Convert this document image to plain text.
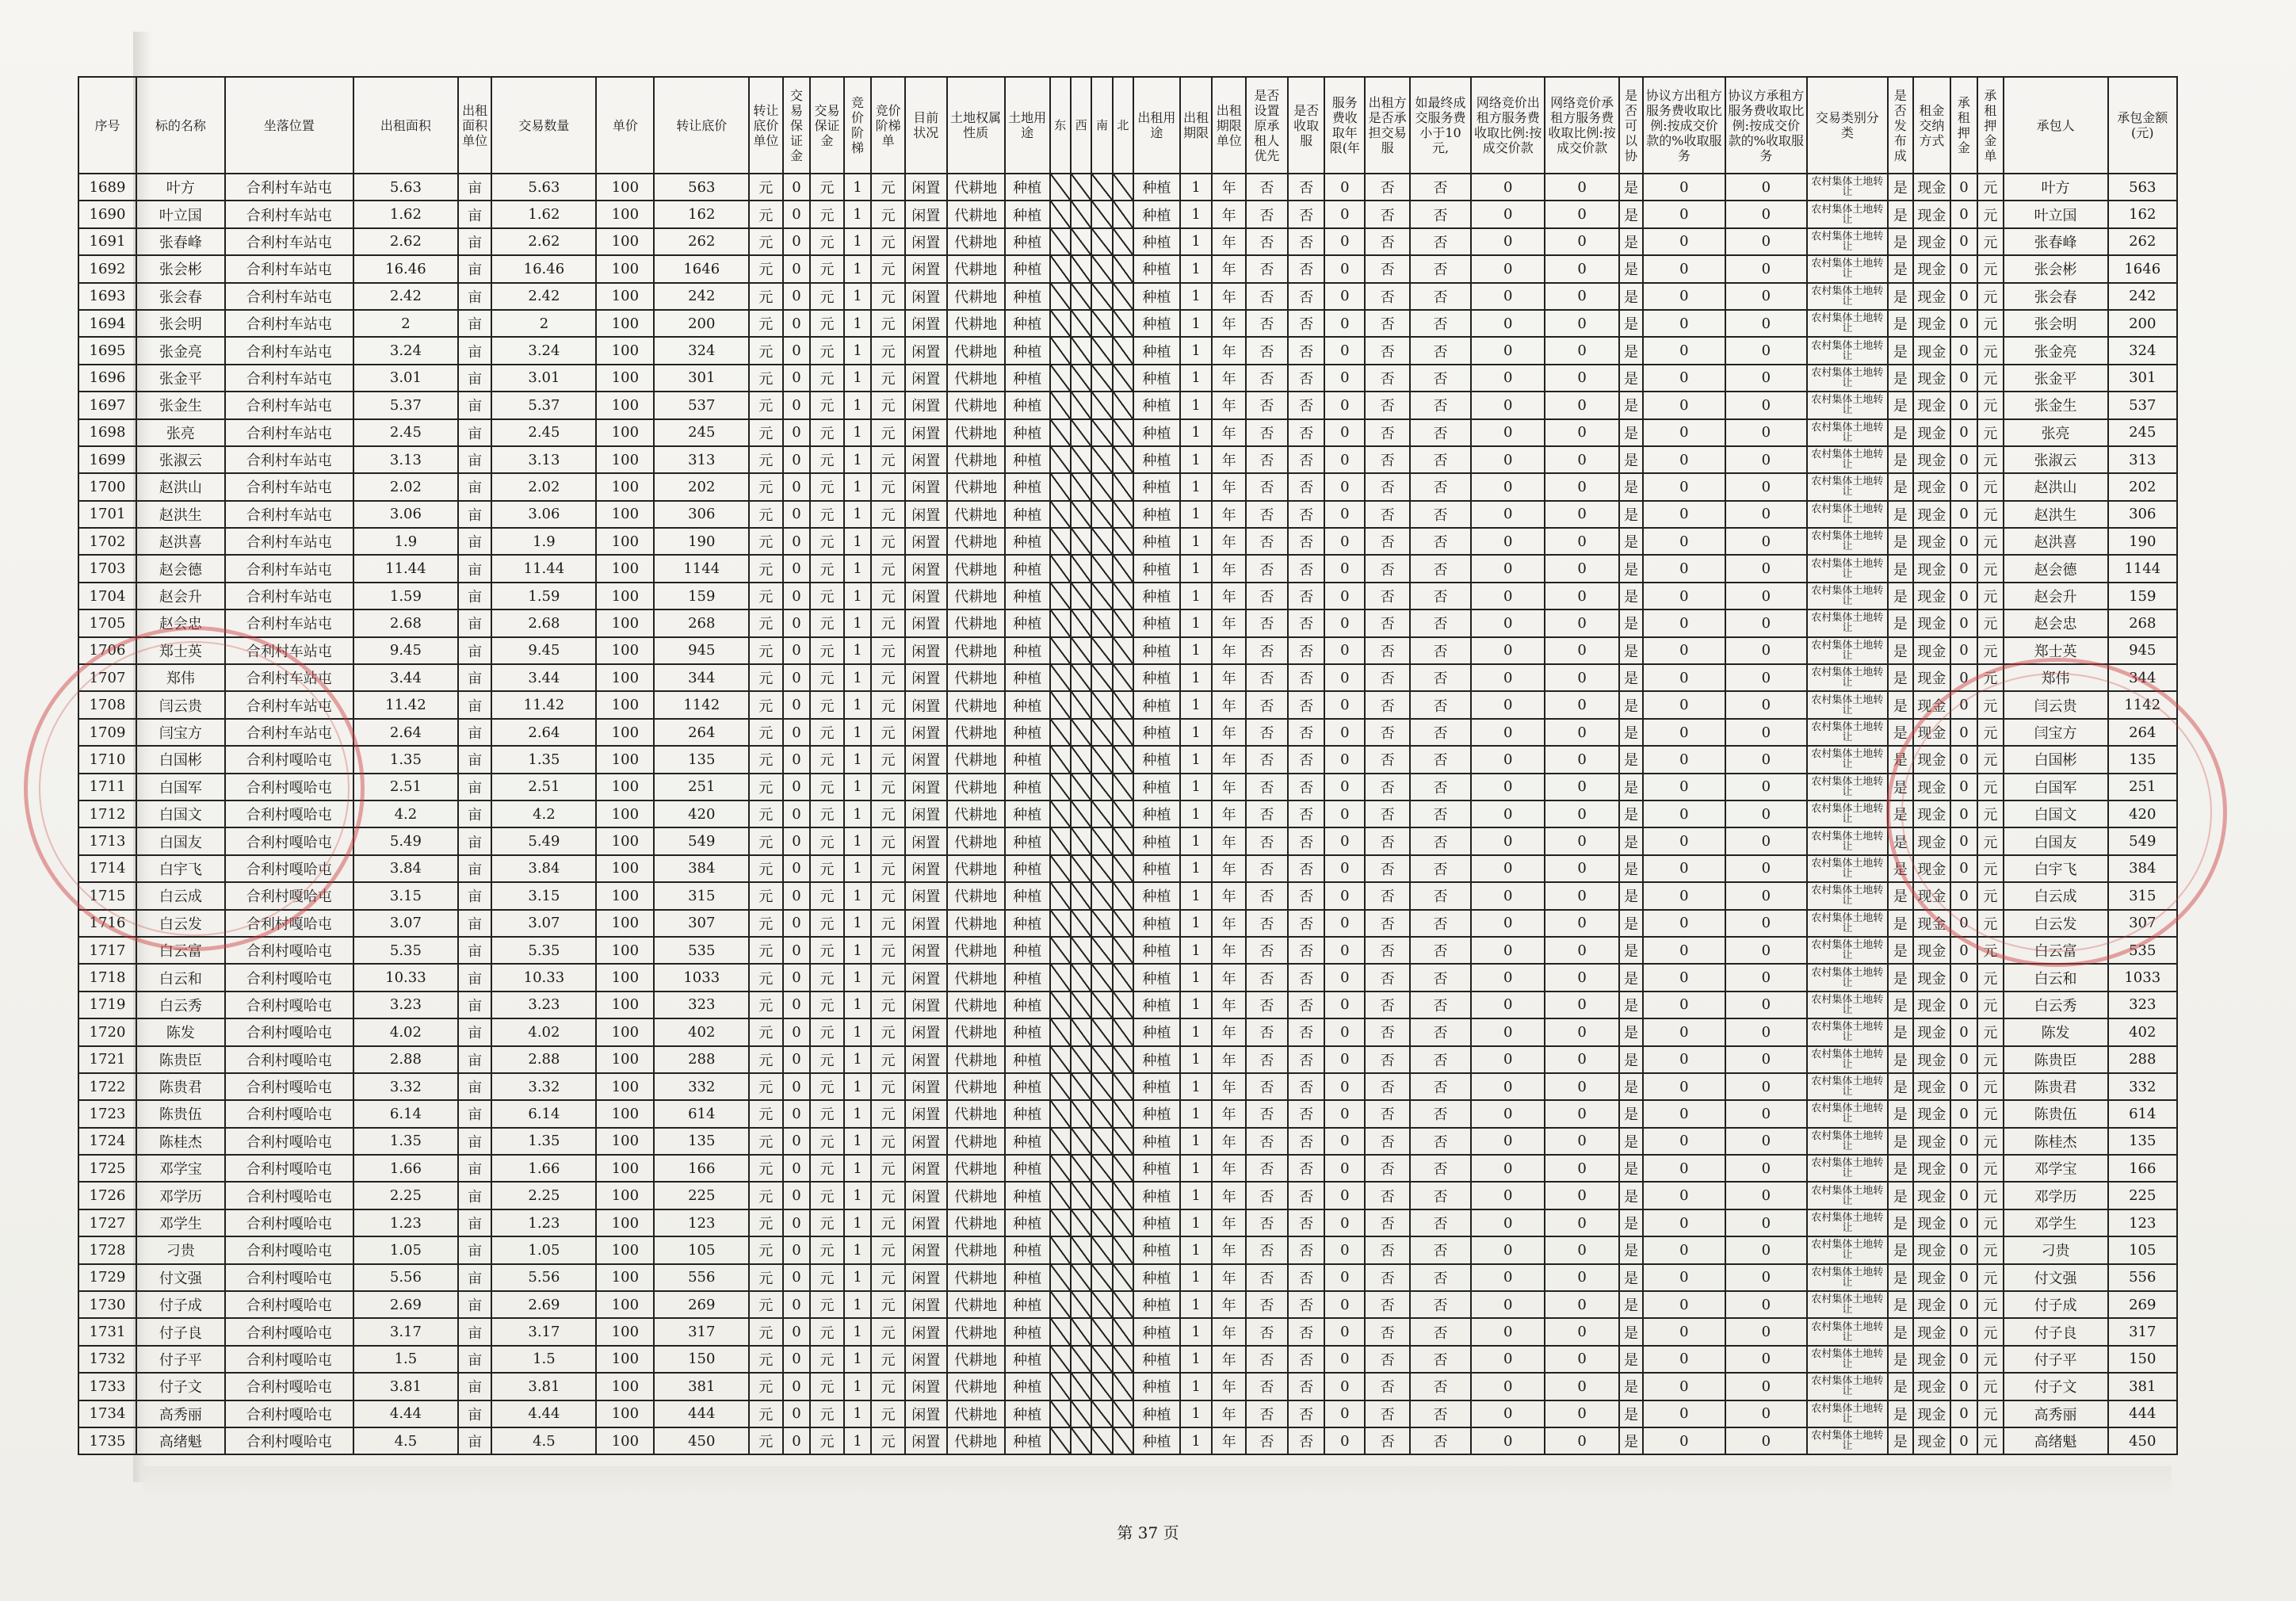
序号	标的名称	坐落位置	出租面积	出租面积单位	交易数量	单价	转让底价	转让底价单位	交易保证金	交易保证金	竞价阶梯	竞价阶梯单	目前状况	土地权属性质	土地用途	东	西	南	北	出租用途	出租期限	出租期限单位	是否设置原承租人优先	是否收取服	服务费收取年限(年	出租方是否承担交易服	如最终成交服务费小于10元,	网络竞价出租方服务费收取比例:按成交价款	网络竞价承租方服务费收取比例:按成交价款	是否可以协	协议方出租方服务费收取比例:按成交价款的%收取服务	协议方承租方服务费收取比例:按成交价款的%收取服务	交易类别分类	是否发布成	租金交纳方式	承租押金	承租押金单	承包人	承包金额(元)
1689	叶方	合利村车站屯	5.63	亩	5.63	100	563	元	0	元	1	元	闲置	代耕地	种植					种植	1	年	否	否	0	否	否	0	0	是	0	0	农村集体土地转让	是	现金	0	元	叶方	563
1690	叶立国	合利村车站屯	1.62	亩	1.62	100	162	元	0	元	1	元	闲置	代耕地	种植					种植	1	年	否	否	0	否	否	0	0	是	0	0	农村集体土地转让	是	现金	0	元	叶立国	162
1691	张春峰	合利村车站屯	2.62	亩	2.62	100	262	元	0	元	1	元	闲置	代耕地	种植					种植	1	年	否	否	0	否	否	0	0	是	0	0	农村集体土地转让	是	现金	0	元	张春峰	262
1692	张会彬	合利村车站屯	16.46	亩	16.46	100	1646	元	0	元	1	元	闲置	代耕地	种植					种植	1	年	否	否	0	否	否	0	0	是	0	0	农村集体土地转让	是	现金	0	元	张会彬	1646
1693	张会春	合利村车站屯	2.42	亩	2.42	100	242	元	0	元	1	元	闲置	代耕地	种植					种植	1	年	否	否	0	否	否	0	0	是	0	0	农村集体土地转让	是	现金	0	元	张会春	242
1694	张会明	合利村车站屯	2	亩	2	100	200	元	0	元	1	元	闲置	代耕地	种植					种植	1	年	否	否	0	否	否	0	0	是	0	0	农村集体土地转让	是	现金	0	元	张会明	200
1695	张金亮	合利村车站屯	3.24	亩	3.24	100	324	元	0	元	1	元	闲置	代耕地	种植					种植	1	年	否	否	0	否	否	0	0	是	0	0	农村集体土地转让	是	现金	0	元	张金亮	324
1696	张金平	合利村车站屯	3.01	亩	3.01	100	301	元	0	元	1	元	闲置	代耕地	种植					种植	1	年	否	否	0	否	否	0	0	是	0	0	农村集体土地转让	是	现金	0	元	张金平	301
1697	张金生	合利村车站屯	5.37	亩	5.37	100	537	元	0	元	1	元	闲置	代耕地	种植					种植	1	年	否	否	0	否	否	0	0	是	0	0	农村集体土地转让	是	现金	0	元	张金生	537
1698	张亮	合利村车站屯	2.45	亩	2.45	100	245	元	0	元	1	元	闲置	代耕地	种植					种植	1	年	否	否	0	否	否	0	0	是	0	0	农村集体土地转让	是	现金	0	元	张亮	245
1699	张淑云	合利村车站屯	3.13	亩	3.13	100	313	元	0	元	1	元	闲置	代耕地	种植					种植	1	年	否	否	0	否	否	0	0	是	0	0	农村集体土地转让	是	现金	0	元	张淑云	313
1700	赵洪山	合利村车站屯	2.02	亩	2.02	100	202	元	0	元	1	元	闲置	代耕地	种植					种植	1	年	否	否	0	否	否	0	0	是	0	0	农村集体土地转让	是	现金	0	元	赵洪山	202
1701	赵洪生	合利村车站屯	3.06	亩	3.06	100	306	元	0	元	1	元	闲置	代耕地	种植					种植	1	年	否	否	0	否	否	0	0	是	0	0	农村集体土地转让	是	现金	0	元	赵洪生	306
1702	赵洪喜	合利村车站屯	1.9	亩	1.9	100	190	元	0	元	1	元	闲置	代耕地	种植					种植	1	年	否	否	0	否	否	0	0	是	0	0	农村集体土地转让	是	现金	0	元	赵洪喜	190
1703	赵会德	合利村车站屯	11.44	亩	11.44	100	1144	元	0	元	1	元	闲置	代耕地	种植					种植	1	年	否	否	0	否	否	0	0	是	0	0	农村集体土地转让	是	现金	0	元	赵会德	1144
1704	赵会升	合利村车站屯	1.59	亩	1.59	100	159	元	0	元	1	元	闲置	代耕地	种植					种植	1	年	否	否	0	否	否	0	0	是	0	0	农村集体土地转让	是	现金	0	元	赵会升	159
1705	赵会忠	合利村车站屯	2.68	亩	2.68	100	268	元	0	元	1	元	闲置	代耕地	种植					种植	1	年	否	否	0	否	否	0	0	是	0	0	农村集体土地转让	是	现金	0	元	赵会忠	268
1706	郑士英	合利村车站屯	9.45	亩	9.45	100	945	元	0	元	1	元	闲置	代耕地	种植					种植	1	年	否	否	0	否	否	0	0	是	0	0	农村集体土地转让	是	现金	0	元	郑士英	945
1707	郑伟	合利村车站屯	3.44	亩	3.44	100	344	元	0	元	1	元	闲置	代耕地	种植					种植	1	年	否	否	0	否	否	0	0	是	0	0	农村集体土地转让	是	现金	0	元	郑伟	344
1708	闫云贵	合利村车站屯	11.42	亩	11.42	100	1142	元	0	元	1	元	闲置	代耕地	种植					种植	1	年	否	否	0	否	否	0	0	是	0	0	农村集体土地转让	是	现金	0	元	闫云贵	1142
1709	闫宝方	合利村车站屯	2.64	亩	2.64	100	264	元	0	元	1	元	闲置	代耕地	种植					种植	1	年	否	否	0	否	否	0	0	是	0	0	农村集体土地转让	是	现金	0	元	闫宝方	264
1710	白国彬	合利村嘎哈屯	1.35	亩	1.35	100	135	元	0	元	1	元	闲置	代耕地	种植					种植	1	年	否	否	0	否	否	0	0	是	0	0	农村集体土地转让	是	现金	0	元	白国彬	135
1711	白国军	合利村嘎哈屯	2.51	亩	2.51	100	251	元	0	元	1	元	闲置	代耕地	种植					种植	1	年	否	否	0	否	否	0	0	是	0	0	农村集体土地转让	是	现金	0	元	白国军	251
1712	白国文	合利村嘎哈屯	4.2	亩	4.2	100	420	元	0	元	1	元	闲置	代耕地	种植					种植	1	年	否	否	0	否	否	0	0	是	0	0	农村集体土地转让	是	现金	0	元	白国文	420
1713	白国友	合利村嘎哈屯	5.49	亩	5.49	100	549	元	0	元	1	元	闲置	代耕地	种植					种植	1	年	否	否	0	否	否	0	0	是	0	0	农村集体土地转让	是	现金	0	元	白国友	549
1714	白宇飞	合利村嘎哈屯	3.84	亩	3.84	100	384	元	0	元	1	元	闲置	代耕地	种植					种植	1	年	否	否	0	否	否	0	0	是	0	0	农村集体土地转让	是	现金	0	元	白宇飞	384
1715	白云成	合利村嘎哈屯	3.15	亩	3.15	100	315	元	0	元	1	元	闲置	代耕地	种植					种植	1	年	否	否	0	否	否	0	0	是	0	0	农村集体土地转让	是	现金	0	元	白云成	315
1716	白云发	合利村嘎哈屯	3.07	亩	3.07	100	307	元	0	元	1	元	闲置	代耕地	种植					种植	1	年	否	否	0	否	否	0	0	是	0	0	农村集体土地转让	是	现金	0	元	白云发	307
1717	白云富	合利村嘎哈屯	5.35	亩	5.35	100	535	元	0	元	1	元	闲置	代耕地	种植					种植	1	年	否	否	0	否	否	0	0	是	0	0	农村集体土地转让	是	现金	0	元	白云富	535
1718	白云和	合利村嘎哈屯	10.33	亩	10.33	100	1033	元	0	元	1	元	闲置	代耕地	种植					种植	1	年	否	否	0	否	否	0	0	是	0	0	农村集体土地转让	是	现金	0	元	白云和	1033
1719	白云秀	合利村嘎哈屯	3.23	亩	3.23	100	323	元	0	元	1	元	闲置	代耕地	种植					种植	1	年	否	否	0	否	否	0	0	是	0	0	农村集体土地转让	是	现金	0	元	白云秀	323
1720	陈发	合利村嘎哈屯	4.02	亩	4.02	100	402	元	0	元	1	元	闲置	代耕地	种植					种植	1	年	否	否	0	否	否	0	0	是	0	0	农村集体土地转让	是	现金	0	元	陈发	402
1721	陈贵臣	合利村嘎哈屯	2.88	亩	2.88	100	288	元	0	元	1	元	闲置	代耕地	种植					种植	1	年	否	否	0	否	否	0	0	是	0	0	农村集体土地转让	是	现金	0	元	陈贵臣	288
1722	陈贵君	合利村嘎哈屯	3.32	亩	3.32	100	332	元	0	元	1	元	闲置	代耕地	种植					种植	1	年	否	否	0	否	否	0	0	是	0	0	农村集体土地转让	是	现金	0	元	陈贵君	332
1723	陈贵伍	合利村嘎哈屯	6.14	亩	6.14	100	614	元	0	元	1	元	闲置	代耕地	种植					种植	1	年	否	否	0	否	否	0	0	是	0	0	农村集体土地转让	是	现金	0	元	陈贵伍	614
1724	陈桂杰	合利村嘎哈屯	1.35	亩	1.35	100	135	元	0	元	1	元	闲置	代耕地	种植					种植	1	年	否	否	0	否	否	0	0	是	0	0	农村集体土地转让	是	现金	0	元	陈桂杰	135
1725	邓学宝	合利村嘎哈屯	1.66	亩	1.66	100	166	元	0	元	1	元	闲置	代耕地	种植					种植	1	年	否	否	0	否	否	0	0	是	0	0	农村集体土地转让	是	现金	0	元	邓学宝	166
1726	邓学历	合利村嘎哈屯	2.25	亩	2.25	100	225	元	0	元	1	元	闲置	代耕地	种植					种植	1	年	否	否	0	否	否	0	0	是	0	0	农村集体土地转让	是	现金	0	元	邓学历	225
1727	邓学生	合利村嘎哈屯	1.23	亩	1.23	100	123	元	0	元	1	元	闲置	代耕地	种植					种植	1	年	否	否	0	否	否	0	0	是	0	0	农村集体土地转让	是	现金	0	元	邓学生	123
1728	刁贵	合利村嘎哈屯	1.05	亩	1.05	100	105	元	0	元	1	元	闲置	代耕地	种植					种植	1	年	否	否	0	否	否	0	0	是	0	0	农村集体土地转让	是	现金	0	元	刁贵	105
1729	付文强	合利村嘎哈屯	5.56	亩	5.56	100	556	元	0	元	1	元	闲置	代耕地	种植					种植	1	年	否	否	0	否	否	0	0	是	0	0	农村集体土地转让	是	现金	0	元	付文强	556
1730	付子成	合利村嘎哈屯	2.69	亩	2.69	100	269	元	0	元	1	元	闲置	代耕地	种植					种植	1	年	否	否	0	否	否	0	0	是	0	0	农村集体土地转让	是	现金	0	元	付子成	269
1731	付子良	合利村嘎哈屯	3.17	亩	3.17	100	317	元	0	元	1	元	闲置	代耕地	种植					种植	1	年	否	否	0	否	否	0	0	是	0	0	农村集体土地转让	是	现金	0	元	付子良	317
1732	付子平	合利村嘎哈屯	1.5	亩	1.5	100	150	元	0	元	1	元	闲置	代耕地	种植					种植	1	年	否	否	0	否	否	0	0	是	0	0	农村集体土地转让	是	现金	0	元	付子平	150
1733	付子文	合利村嘎哈屯	3.81	亩	3.81	100	381	元	0	元	1	元	闲置	代耕地	种植					种植	1	年	否	否	0	否	否	0	0	是	0	0	农村集体土地转让	是	现金	0	元	付子文	381
1734	高秀丽	合利村嘎哈屯	4.44	亩	4.44	100	444	元	0	元	1	元	闲置	代耕地	种植					种植	1	年	否	否	0	否	否	0	0	是	0	0	农村集体土地转让	是	现金	0	元	高秀丽	444
1735	高绪魁	合利村嘎哈屯	4.5	亩	4.5	100	450	元	0	元	1	元	闲置	代耕地	种植					种植	1	年	否	否	0	否	否	0	0	是	0	0	农村集体土地转让	是	现金	0	元	高绪魁	450
第 37 页
